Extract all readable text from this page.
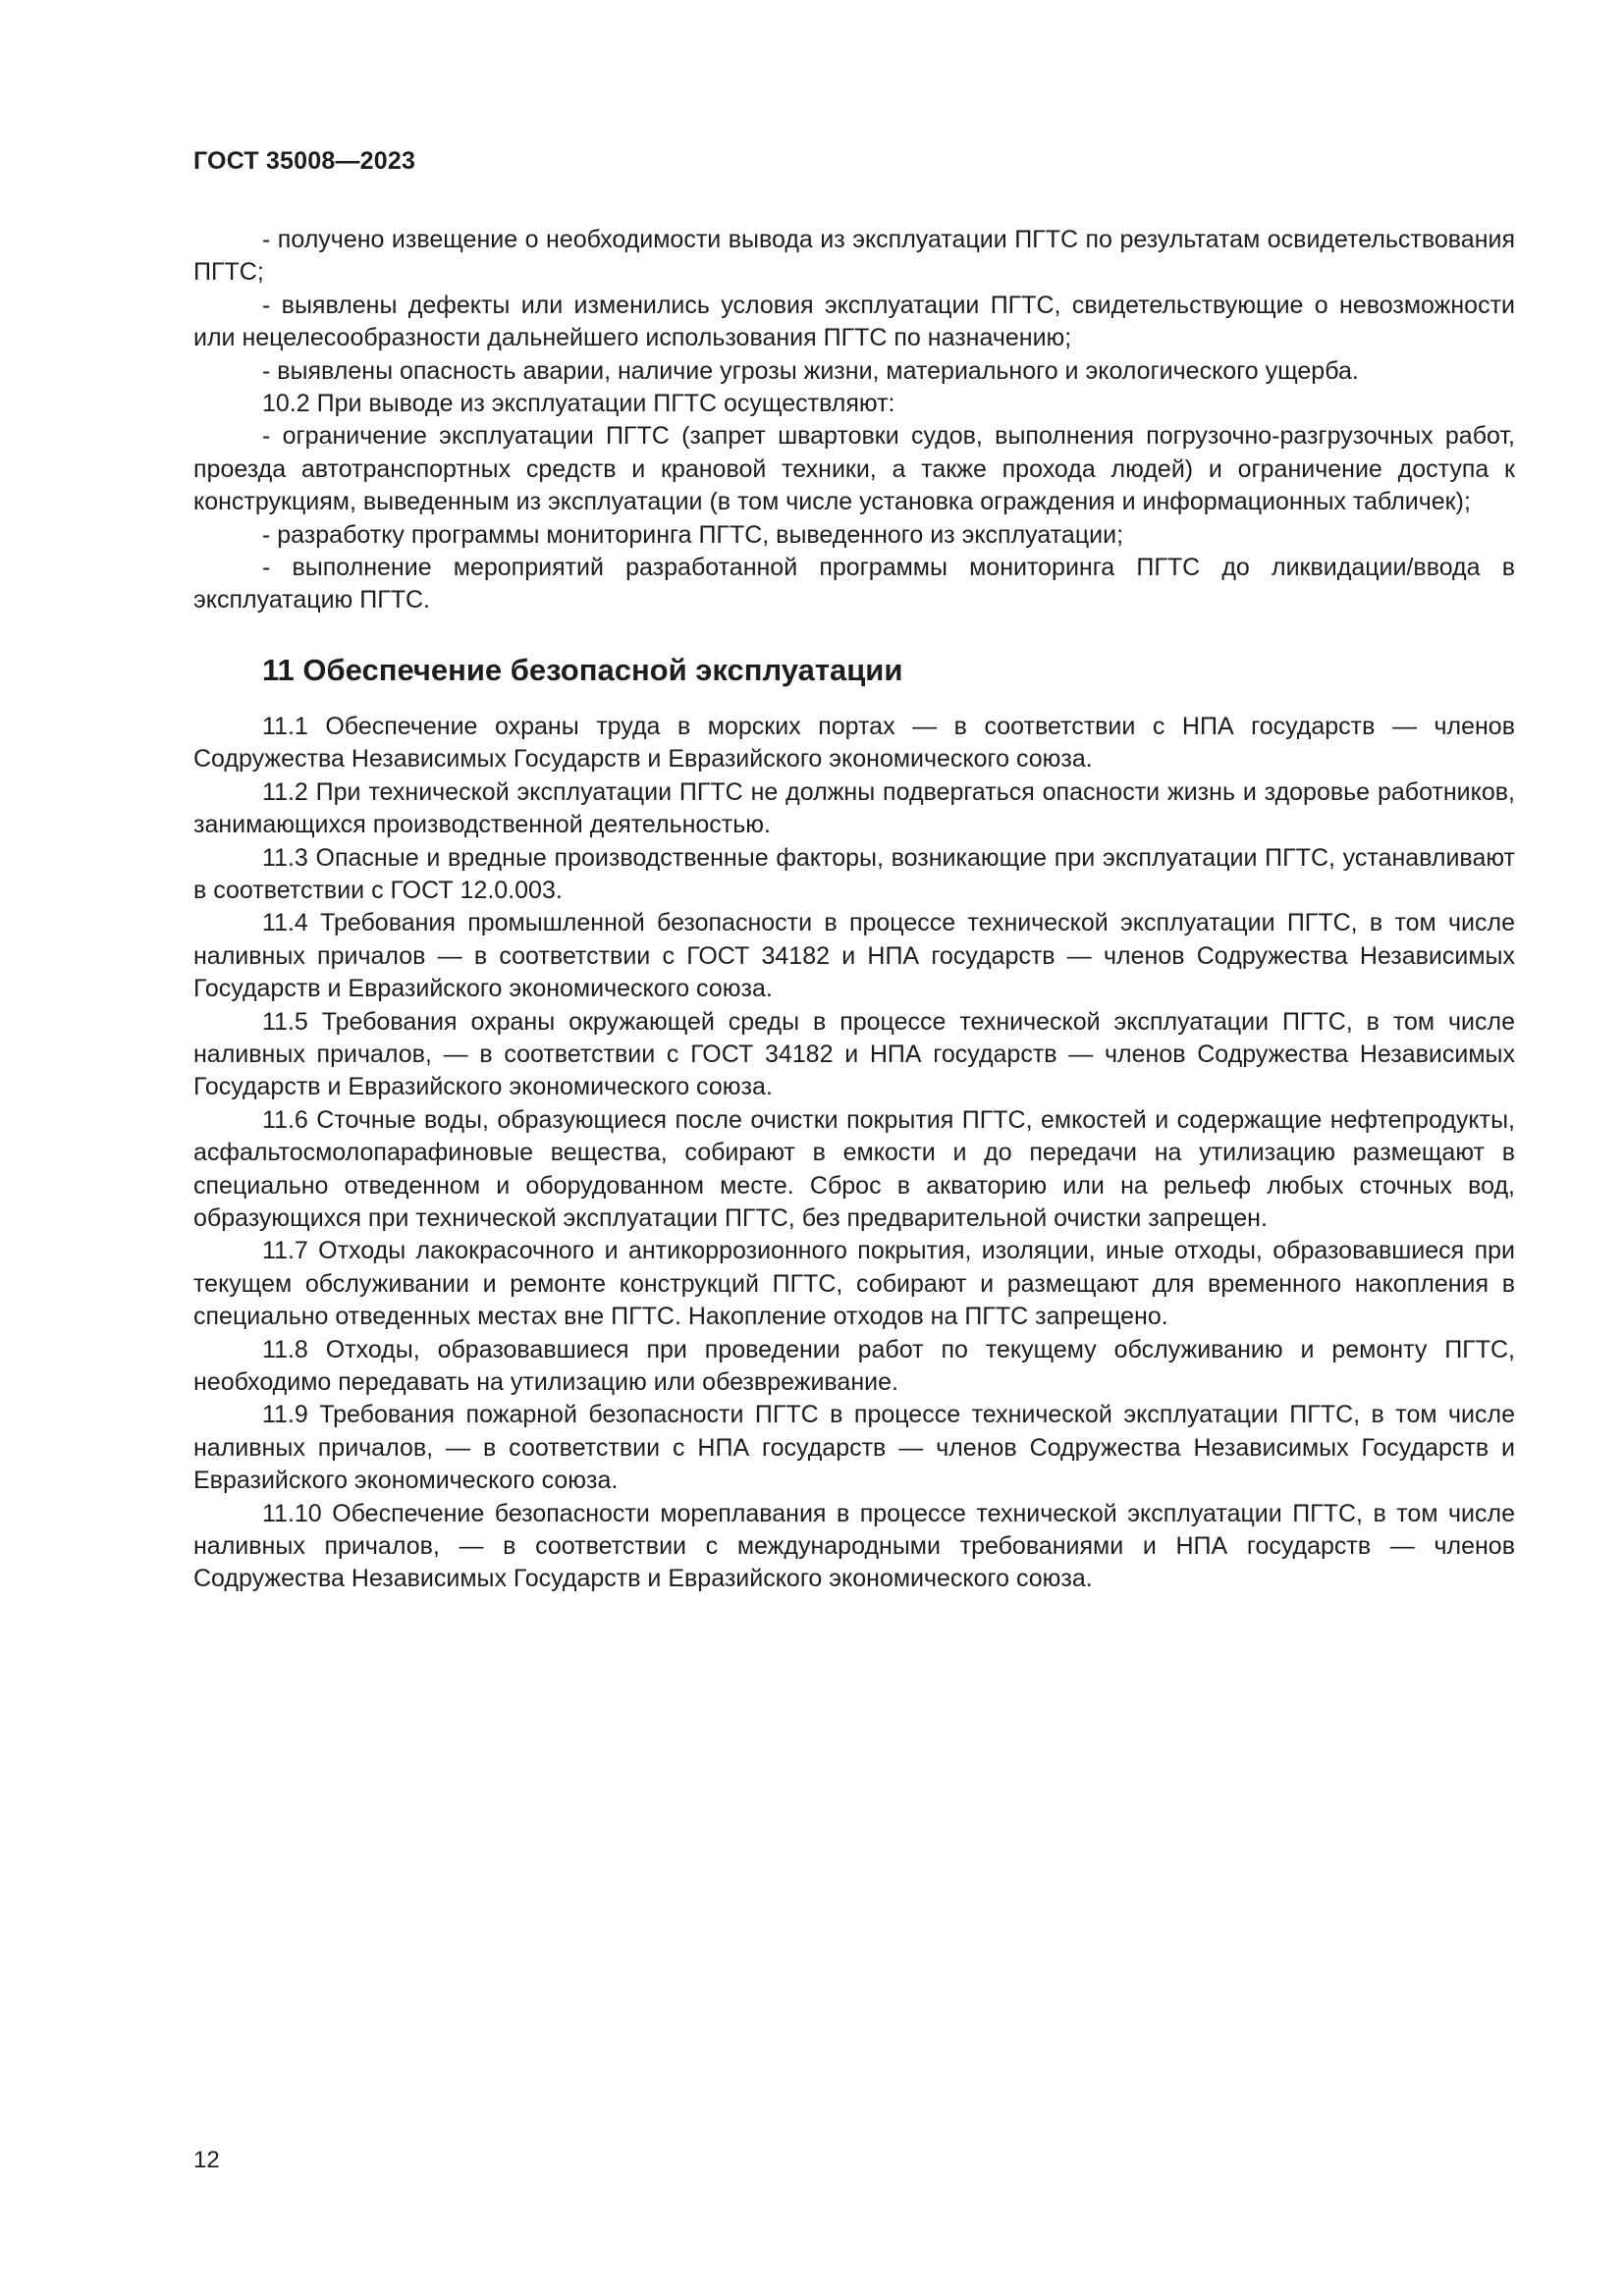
ГОСТ 35008—2023

- получено извещение о необходимости вывода из эксплуатации ПГТС по результатам освидетельствования ПГТС;

- выявлены дефекты или изменились условия эксплуатации ПГТС, свидетельствующие о невозможности или нецелесообразности дальнейшего использования ПГТС по назначению;

- выявлены опасность аварии, наличие угрозы жизни, материального и экологического ущерба.

10.2 При выводе из эксплуатации ПГТС осуществляют:

- ограничение эксплуатации ПГТС (запрет швартовки судов, выполнения погрузочно-разгрузочных работ, проезда автотранспортных средств и крановой техники, а также прохода людей) и ограничение доступа к конструкциям, выведенным из эксплуатации (в том числе установка ограждения и информационных табличек);

- разработку программы мониторинга ПГТС, выведенного из эксплуатации;

- выполнение мероприятий разработанной программы мониторинга ПГТС до ликвидации/ввода в эксплуатацию ПГТС.

11 Обеспечение безопасной эксплуатации

11.1 Обеспечение охраны труда в морских портах — в соответствии с НПА государств — членов Содружества Независимых Государств и Евразийского экономического союза.

11.2 При технической эксплуатации ПГТС не должны подвергаться опасности жизнь и здоровье работников, занимающихся производственной деятельностью.

11.3 Опасные и вредные производственные факторы, возникающие при эксплуатации ПГТС, устанавливают в соответствии с ГОСТ 12.0.003.

11.4 Требования промышленной безопасности в процессе технической эксплуатации ПГТС, в том числе наливных причалов — в соответствии с ГОСТ 34182 и НПА государств — членов Содружества Независимых Государств и Евразийского экономического союза.

11.5 Требования охраны окружающей среды в процессе технической эксплуатации ПГТС, в том числе наливных причалов, — в соответствии с ГОСТ 34182 и НПА государств — членов Содружества Независимых Государств и Евразийского экономического союза.

11.6 Сточные воды, образующиеся после очистки покрытия ПГТС, емкостей и содержащие нефтепродукты, асфальтосмолопарафиновые вещества, собирают в емкости и до передачи на утилизацию размещают в специально отведенном и оборудованном месте. Сброс в акваторию или на рельеф любых сточных вод, образующихся при технической эксплуатации ПГТС, без предварительной очистки запрещен.

11.7 Отходы лакокрасочного и антикоррозионного покрытия, изоляции, иные отходы, образовавшиеся при текущем обслуживании и ремонте конструкций ПГТС, собирают и размещают для временного накопления в специально отведенных местах вне ПГТС. Накопление отходов на ПГТС запрещено.

11.8 Отходы, образовавшиеся при проведении работ по текущему обслуживанию и ремонту ПГТС, необходимо передавать на утилизацию или обезвреживание.

11.9 Требования пожарной безопасности ПГТС в процессе технической эксплуатации ПГТС, в том числе наливных причалов, — в соответствии с НПА государств — членов Содружества Независимых Государств и Евразийского экономического союза.

11.10 Обеспечение безопасности мореплавания в процессе технической эксплуатации ПГТС, в том числе наливных причалов, — в соответствии с международными требованиями и НПА государств — членов Содружества Независимых Государств и Евразийского экономического союза.

12
